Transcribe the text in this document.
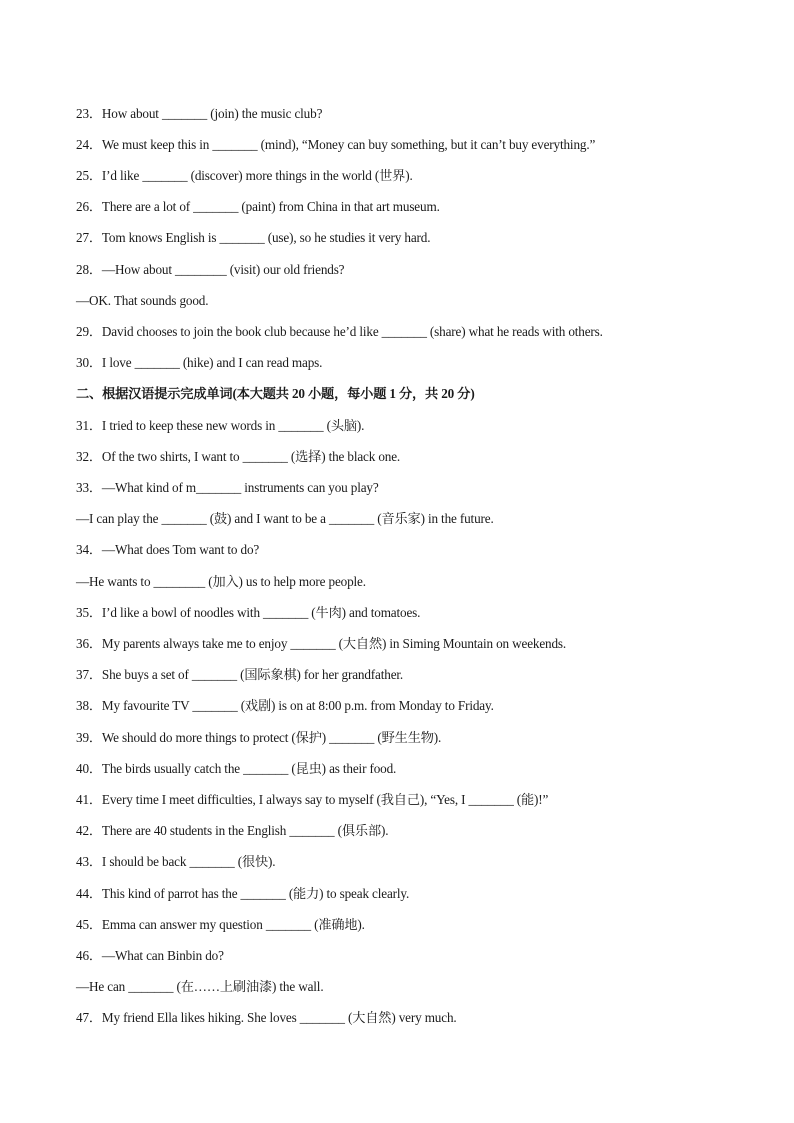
23．How about _______ (join) the music club?
24．We must keep this in _______ (mind), “Money can buy something, but it can’t buy everything.”
25．I’d like _______ (discover) more things in the world (世界).
26．There are a lot of _______ (paint) from China in that art museum.
27．Tom knows English is _______ (use), so he studies it very hard.
28．—How about ________ (visit) our old friends?
—OK. That sounds good.
29．David chooses to join the book club because he’d like _______ (share) what he reads with others.
30．I love _______ (hike) and I can read maps.
二、根据汉语提示完成单词(本大题共 20 小题，每小题 1 分，共 20 分)
31．I tried to keep these new words in _______ (头脑).
32．Of the two shirts, I want to _______ (选择) the black one.
33．—What kind of m_______ instruments can you play?
—I can play the _______ (鼓) and I want to be a _______ (音乐家) in the future.
34．—What does Tom want to do?
—He wants to ________ (加入) us to help more people.
35．I’d like a bowl of noodles with _______ (牛肉) and tomatoes.
36．My parents always take me to enjoy _______ (大自然) in Siming Mountain on weekends.
37．She buys a set of _______ (国际象棋) for her grandfather.
38．My favourite TV _______ (戏剧) is on at 8:00 p.m. from Monday to Friday.
39．We should do more things to protect (保护) _______ (野生生物).
40．The birds usually catch the _______ (昆虫) as their food.
41．Every time I meet difficulties, I always say to myself (我自己), “Yes, I _______ (能)!”
42．There are 40 students in the English _______ (俱乐部).
43．I should be back _______ (很快).
44．This kind of parrot has the _______ (能力) to speak clearly.
45．Emma can answer my question _______ (准确地).
46．—What can Binbin do?
—He can _______ (在……上刷油漆) the wall.
47．My friend Ella likes hiking. She loves _______ (大自然) very much.
